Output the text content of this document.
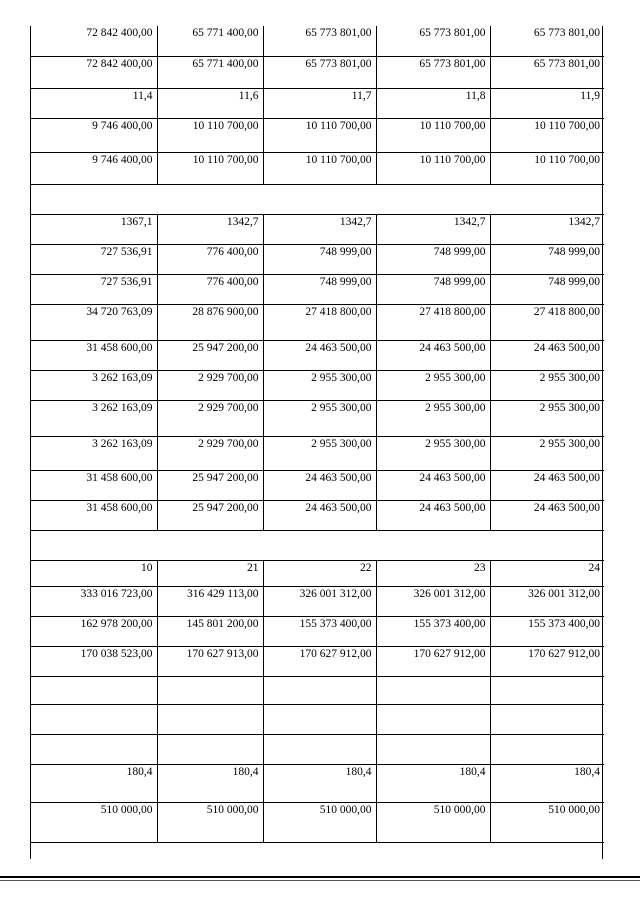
72 842 400,00	65 771 400,00	65 773 801,00	65 773 801,00	65 773 801,00
72 842 400,00	65 771 400,00	65 773 801,00	65 773 801,00	65 773 801,00
11,4	11,6	11,7	11,8	11,9
9 746 400,00	10 110 700,00	10 110 700,00	10 110 700,00	10 110 700,00
9 746 400,00	10 110 700,00	10 110 700,00	10 110 700,00	10 110 700,00

1367,1	1342,7	1342,7	1342,7	1342,7
727 536,91	776 400,00	748 999,00	748 999,00	748 999,00
727 536,91	776 400,00	748 999,00	748 999,00	748 999,00
34 720 763,09	28 876 900,00	27 418 800,00	27 418 800,00	27 418 800,00
31 458 600,00	25 947 200,00	24 463 500,00	24 463 500,00	24 463 500,00
3 262 163,09	2 929 700,00	2 955 300,00	2 955 300,00	2 955 300,00
3 262 163,09	2 929 700,00	2 955 300,00	2 955 300,00	2 955 300,00
3 262 163,09	2 929 700,00	2 955 300,00	2 955 300,00	2 955 300,00
31 458 600,00	25 947 200,00	24 463 500,00	24 463 500,00	24 463 500,00
31 458 600,00	25 947 200,00	24 463 500,00	24 463 500,00	24 463 500,00

10	21	22	23	24
333 016 723,00	316 429 113,00	326 001 312,00	326 001 312,00	326 001 312,00
162 978 200,00	145 801 200,00	155 373 400,00	155 373 400,00	155 373 400,00
170 038 523,00	170 627 913,00	170 627 912,00	170 627 912,00	170 627 912,00

180,4	180,4	180,4	180,4	180,4
510 000,00	510 000,00	510 000,00	510 000,00	510 000,00
